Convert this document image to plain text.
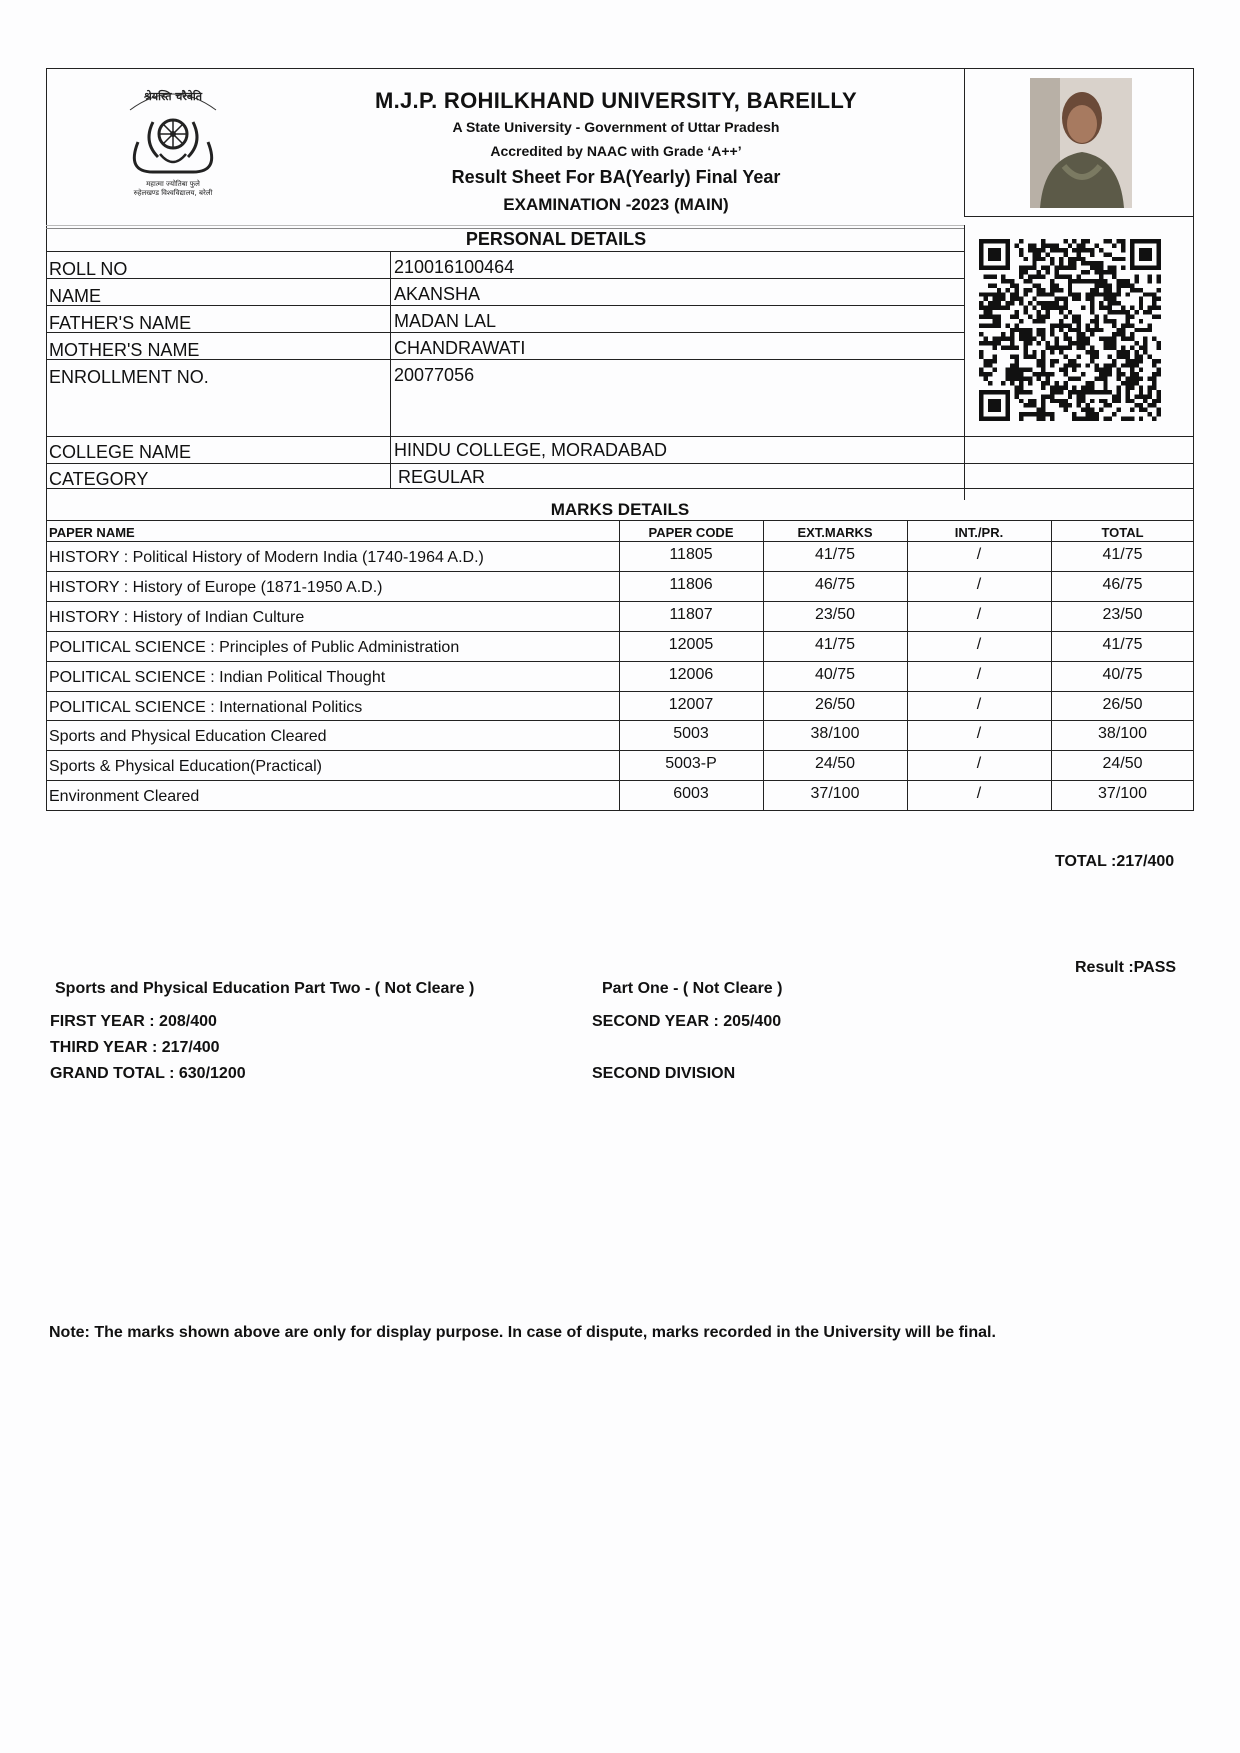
श्रेयस्ति चरैवेति
महात्मा ज्योतिबा फुले
रुहेलखण्ड विश्वविद्यालय, बरेली
M.J.P. ROHILKHAND UNIVERSITY, BAREILLY
A State University - Government of Uttar Pradesh
Accredited by NAAC with Grade ‘A++’
Result Sheet For BA(Yearly) Final Year
EXAMINATION -2023 (MAIN)
PERSONAL DETAILS
ROLL NO	210016100464
NAME	AKANSHA
FATHER'S NAME	MADAN LAL
MOTHER'S NAME	CHANDRAWATI
ENROLLMENT NO.	20077056
COLLEGE NAME	HINDU COLLEGE, MORADABAD
CATEGORY	REGULAR
MARKS DETAILS
PAPER NAME	PAPER CODE	EXT.MARKS	INT./PR.	TOTAL
HISTORY : Political History of Modern India (1740-1964 A.D.)	11805	41/75	/	41/75
HISTORY : History of Europe (1871-1950 A.D.)	11806	46/75	/	46/75
HISTORY : History of Indian Culture	11807	23/50	/	23/50
POLITICAL SCIENCE : Principles of Public Administration	12005	41/75	/	41/75
POLITICAL SCIENCE : Indian Political Thought	12006	40/75	/	40/75
POLITICAL SCIENCE : International Politics	12007	26/50	/	26/50
Sports and Physical Education Cleared	5003	38/100	/	38/100
Sports & Physical Education(Practical)	5003-P	24/50	/	24/50
Environment Cleared	6003	37/100	/	37/100
TOTAL :217/400
Result :PASS
Sports and Physical Education Part Two - ( Not Cleare )	Part One - ( Not Cleare )
FIRST YEAR : 208/400	SECOND YEAR : 205/400
THIRD YEAR : 217/400
GRAND TOTAL : 630/1200	SECOND DIVISION
Note: The marks shown above are only for display purpose. In case of dispute, marks recorded in the University will be final.
